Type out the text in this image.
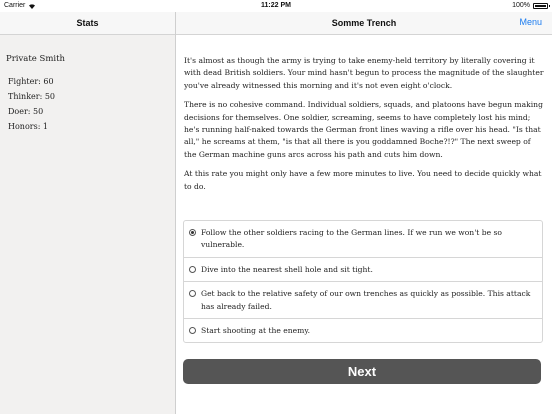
Carrier	11:22 PM	100%
Stats
Private Smith
Fighter: 60
Thinker: 50
Doer: 50
Honors: 1
Somme Trench	Menu

It's almost as though the army is trying to take enemy-held territory by literally covering it with dead British soldiers. Your mind hasn't begun to process the magnitude of the slaughter you've already witnessed this morning and it's not even eight o'clock.

There is no cohesive command. Individual soldiers, squads, and platoons have begun making decisions for themselves. One soldier, screaming, seems to have completely lost his mind; he's running half-naked towards the German front lines waving a rifle over his head. "Is that all," he screams at them, "is that all there is you goddamned Boche?!?" The next sweep of the German machine guns arcs across his path and cuts him down.

At this rate you might only have a few more minutes to live. You need to decide quickly what to do.

Follow the other soldiers racing to the German lines. If we run we won't be so vulnerable.
Dive into the nearest shell hole and sit tight.
Get back to the relative safety of our own trenches as quickly as possible. This attack has already failed.
Start shooting at the enemy.
Next
